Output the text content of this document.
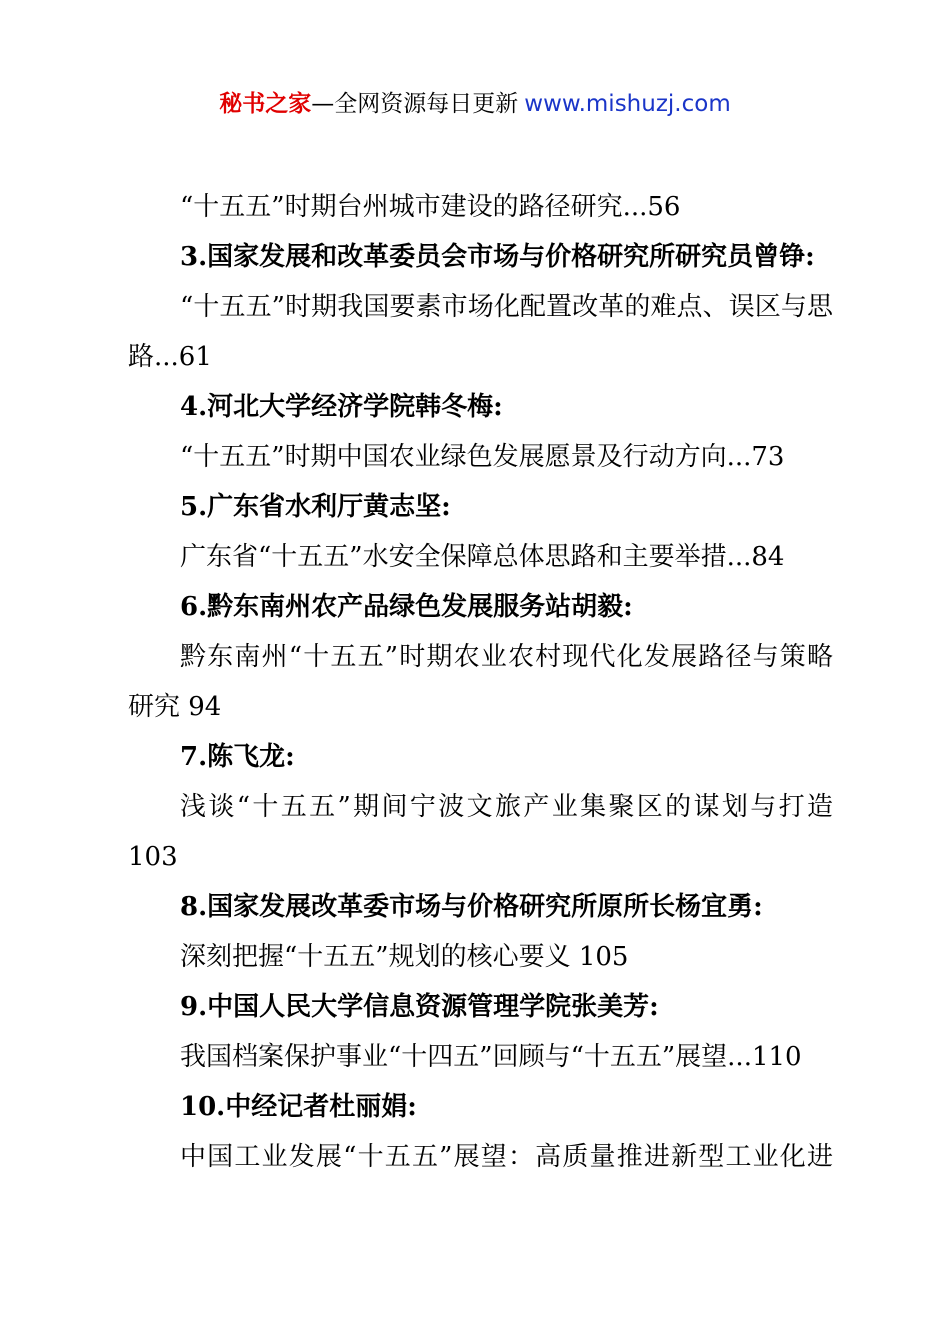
秘书之家—全网资源每日更新 www.mishuzj.com
“十五五”时期台州城市建设的路径研究...56
3.国家发展和改革委员会市场与价格研究所研究员曾铮:
“十五五”时期我国要素市场化配置改革的难点、误区与思
路...61
4.河北大学经济学院韩冬梅:
“十五五”时期中国农业绿色发展愿景及行动方向...73
5.广东省水利厅黄志坚:
广东省“十五五”水安全保障总体思路和主要举措...84
6.黔东南州农产品绿色发展服务站胡毅:
黔东南州“十五五”时期农业农村现代化发展路径与策略
研究 94
7.陈飞龙:
浅谈“十五五”期间宁波文旅产业集聚区的谋划与打造
103
8.国家发展改革委市场与价格研究所原所长杨宜勇:
深刻把握“十五五”规划的核心要义 105
9.中国人民大学信息资源管理学院张美芳:
我国档案保护事业“十四五”回顾与“十五五”展望...110
10.中经记者杜丽娟:
中国工业发展“十五五”展望：高质量推进新型工业化进
